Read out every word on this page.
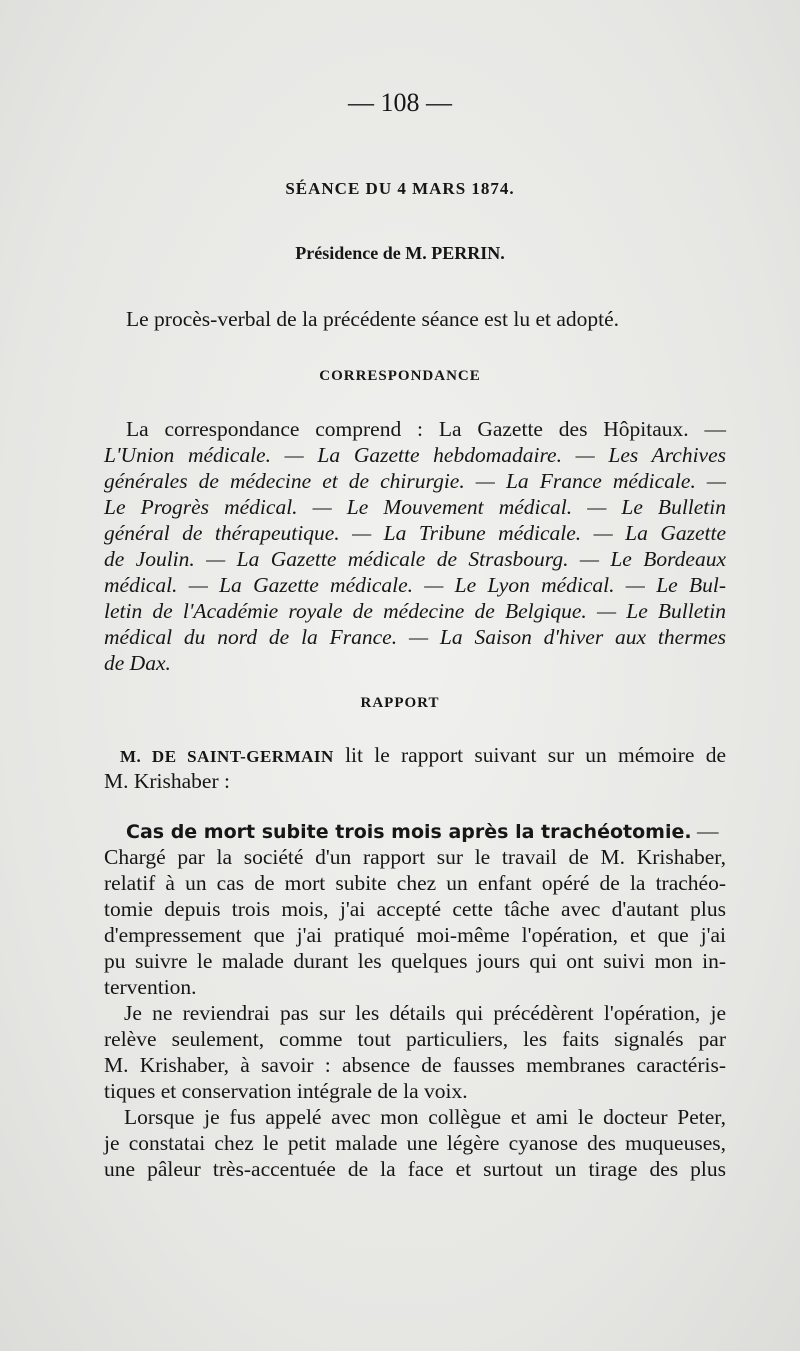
— 108 —
SÉANCE DU 4 MARS 1874.
Présidence de M. PERRIN.
Le procès-verbal de la précédente séance est lu et adopté.
CORRESPONDANCE
La correspondance comprend : La Gazette des Hôpitaux. —
L'Union médicale. — La Gazette hebdomadaire. — Les Archives
générales de médecine et de chirurgie. — La France médicale. —
Le Progrès médical. — Le Mouvement médical. — Le Bulletin
général de thérapeutique. — La Tribune médicale. — La Gazette
de Joulin. — La Gazette médicale de Strasbourg. — Le Bordeaux
médical. — La Gazette médicale. — Le Lyon médical. — Le Bul-
letin de l'Académie royale de médecine de Belgique. — Le Bulletin
médical du nord de la France. — La Saison d'hiver aux thermes
de Dax.
RAPPORT
M. DE SAINT-GERMAIN lit le rapport suivant sur un mémoire de
M. Krishaber :
Cas de mort subite trois mois après la trachéotomie. —
Chargé par la société d'un rapport sur le travail de M. Krishaber,
relatif à un cas de mort subite chez un enfant opéré de la trachéo-
tomie depuis trois mois, j'ai accepté cette tâche avec d'autant plus
d'empressement que j'ai pratiqué moi-même l'opération, et que j'ai
pu suivre le malade durant les quelques jours qui ont suivi mon in-
tervention.
Je ne reviendrai pas sur les détails qui précédèrent l'opération, je
relève seulement, comme tout particuliers, les faits signalés par
M. Krishaber, à savoir : absence de fausses membranes caractéris-
tiques et conservation intégrale de la voix.
Lorsque je fus appelé avec mon collègue et ami le docteur Peter,
je constatai chez le petit malade une légère cyanose des muqueuses,
une pâleur très-accentuée de la face et surtout un tirage des plus
